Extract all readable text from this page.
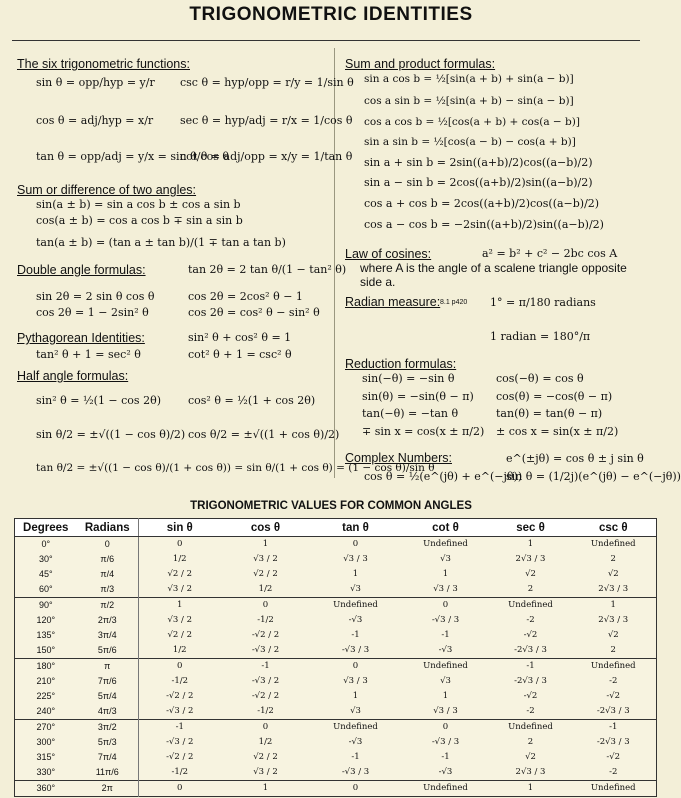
TRIGONOMETRIC IDENTITIES
The six trigonometric functions:
sin θ = opp/hyp = y/r csc θ = hyp/opp = r/y = 1/sin θ
cos θ = adj/hyp = x/r sec θ = hyp/adj = r/x = 1/cos θ
tan θ = opp/adj = y/x = sin θ/cos θ
cot θ = adj/opp = x/y = 1/tan θ
Sum or difference of two angles:
sin(a ± b) = sin a cos b ± cos a sin b
cos(a ± b) = cos a cos b ∓ sin a sin b
tan(a ± b) = (tan a ± tan b)/(1 ∓ tan a tan b)
Double angle formulas:	tan 2θ = 2 tan θ/(1 − tan² θ)
sin 2θ = 2 sin θ cos θ	cos 2θ = 2cos² θ − 1
cos 2θ = 1 − 2sin² θ	cos 2θ = cos² θ − sin² θ
Pythagorean Identities:	sin² θ + cos² θ = 1
tan² θ + 1 = sec² θ	cot² θ + 1 = csc² θ
Half angle formulas:
sin² θ = ½(1 − cos 2θ) cos² θ = ½(1 + cos 2θ)
sin θ/2 = ±√((1 − cos θ)/2) cos θ/2 = ±√((1 + cos θ)/2)
tan θ/2 = ±√((1 − cos θ)/(1 + cos θ)) = sin θ/(1 + cos θ) = (1 − cos θ)/sin θ
Sum and product formulas:
sin a cos b = ½[sin(a + b) + sin(a − b)]
cos a sin b = ½[sin(a + b) − sin(a − b)]
cos a cos b = ½[cos(a + b) + cos(a − b)]
sin a sin b = ½[cos(a − b) − cos(a + b)]
sin a + sin b = 2sin((a+b)/2)cos((a−b)/2)
sin a − sin b = 2cos((a+b)/2)sin((a−b)/2)
cos a + cos b = 2cos((a+b)/2)cos((a−b)/2)
cos a − cos b = −2sin((a+b)/2)sin((a−b)/2)
Law of cosines:	a² = b² + c² − 2bc cos A
where A is the angle of a scalene triangle opposite
side a.
Radian measure: 8.1 p420 1° = π/180 radians
1 radian = 180°/π
Reduction formulas:
sin(−θ) = −sin θ	cos(−θ) = cos θ
sin(θ) = −sin(θ − π) cos(θ) = −cos(θ − π)
tan(−θ) = −tan θ	tan(θ) = tan(θ − π)
∓ sin x = cos(x ± π/2) ± cos x = sin(x ± π/2)
Complex Numbers:	e^(±jθ) = cos θ ± j sin θ
cos θ = ½(e^(jθ) + e^(−jθ))
sin θ = (1/2j)(e^(jθ) − e^(−jθ))
TRIGONOMETRIC VALUES FOR COMMON ANGLES
Degrees	Radians	sin θ	cos θ	tan θ	cot θ	sec θ	csc θ
0°	0	0	1	0	Undefined	1	Undefined
30°	π/6	1/2	√3 / 2	√3 / 3	√3	2√3 / 3	2
45°	π/4	√2 / 2	√2 / 2	1	1	√2	√2
60°	π/3	√3 / 2	1/2	√3	√3 / 3	2	2√3 / 3
90°	π/2	1	0	Undefined	0	Undefined	1
120°	2π/3	√3 / 2	-1/2	-√3	-√3 / 3	-2	2√3 / 3
135°	3π/4	√2 / 2	-√2 / 2	-1	-1	-√2	√2
150°	5π/6	1/2	-√3 / 2	-√3 / 3	-√3	-2√3 / 3	2
180°	π	0	-1	0	Undefined	-1	Undefined
210°	7π/6	-1/2	-√3 / 2	√3 / 3	√3	-2√3 / 3	-2
225°	5π/4	-√2 / 2	-√2 / 2	1	1	-√2	-√2
240°	4π/3	-√3 / 2	-1/2	√3	√3 / 3	-2	-2√3 / 3
270°	3π/2	-1	0	Undefined	0	Undefined	-1
300°	5π/3	-√3 / 2	1/2	-√3	-√3 / 3	2	-2√3 / 3
315°	7π/4	-√2 / 2	√2 / 2	-1	-1	√2	-√2
330°	11π/6	-1/2	√3 / 2	-√3 / 3	-√3	2√3 / 3	-2
360°	2π	0	1	0	Undefined	1	Undefined
